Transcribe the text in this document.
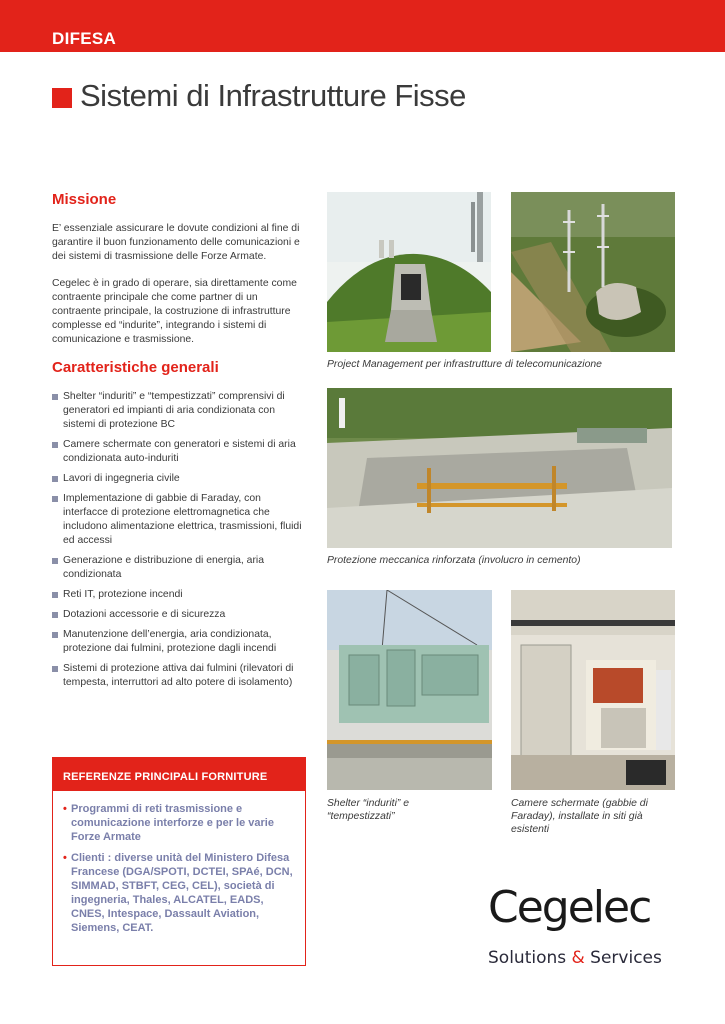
DIFESA
Sistemi di Infrastrutture Fisse
Missione

E’ essenziale assicurare le dovute condizioni al fine di garantire il buon funzionamento delle comunicazioni e dei sistemi di trasmissione delle Forze Armate.

Cegelec è in grado di operare, sia direttamente come contraente principale che come partner di un contraente principale, la costruzione di infrastrutture complesse ed “indurite”, integrando i sistemi di comunicazione e trasmissione.

Caratteristiche generali
Shelter “induriti” e “tempestizzati” comprensivi di generatori ed impianti di aria condizionata con sistemi di protezione BC
Camere schermate con generatori e sistemi di aria condizionata auto-induriti
Lavori di ingegneria civile
Implementazione di gabbie di Faraday, con interfacce di protezione elettromagnetica che includono alimentazione elettrica, trasmissioni, fluidi ed accessi
Generazione e distribuzione di energia, aria condizionata
Reti IT, protezione incendi
Dotazioni accessorie e di sicurezza
Manutenzione dell’energia, aria condizionata, protezione dai fulmini, protezione dagli incendi
Sistemi di protezione attiva dai fulmini (rilevatori di tempesta, interruttori ad alto potere di isolamento)
REFERENZE PRINCIPALI FORNITURE
• Programmi di reti trasmissione e comunicazione interforze e per le varie Forze Armate
• Clienti : diverse unità del Ministero Difesa Francese (DGA/SPOTI, DCTEI, SPAé, DCN, SIMMAD, STBFT, CEG, CEL), società di ingegneria, Thales, ALCATEL, EADS, CNES, Intespace, Dassault Aviation, Siemens, CEAT.
Project Management per infrastrutture di telecomunicazione
Protezione meccanica rinforzata (involucro in cemento)
Shelter “induriti” e “tempestizzati”
Camere schermate (gabbie di Faraday), installate in siti già esistenti
Cegelec
Solutions & Services
